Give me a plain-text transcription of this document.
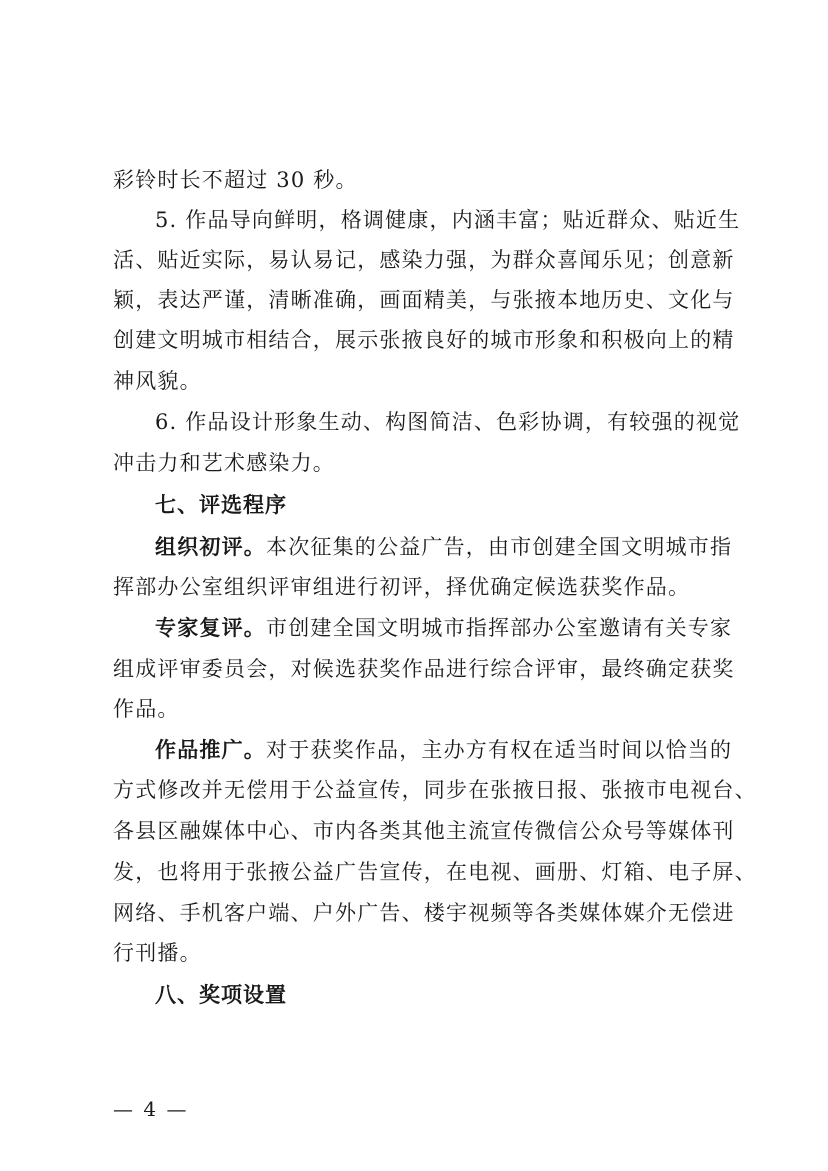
彩铃时长不超过 30 秒。
5. 作品导向鲜明，格调健康，内涵丰富；贴近群众、贴近生
活、贴近实际，易认易记，感染力强，为群众喜闻乐见；创意新
颖，表达严谨，清晰准确，画面精美，与张掖本地历史、文化与
创建文明城市相结合，展示张掖良好的城市形象和积极向上的精
神风貌。
6. 作品设计形象生动、构图简洁、色彩协调，有较强的视觉
冲击力和艺术感染力。
七、评选程序
组织初评。本次征集的公益广告，由市创建全国文明城市指
挥部办公室组织评审组进行初评，择优确定候选获奖作品。
专家复评。市创建全国文明城市指挥部办公室邀请有关专家
组成评审委员会，对候选获奖作品进行综合评审，最终确定获奖
作品。
作品推广。对于获奖作品，主办方有权在适当时间以恰当的
方式修改并无偿用于公益宣传，同步在张掖日报、张掖市电视台、
各县区融媒体中心、市内各类其他主流宣传微信公众号等媒体刊
发，也将用于张掖公益广告宣传，在电视、画册、灯箱、电子屏、
网络、手机客户端、户外广告、楼宇视频等各类媒体媒介无偿进
行刊播。
八、奖项设置
— 4 —
